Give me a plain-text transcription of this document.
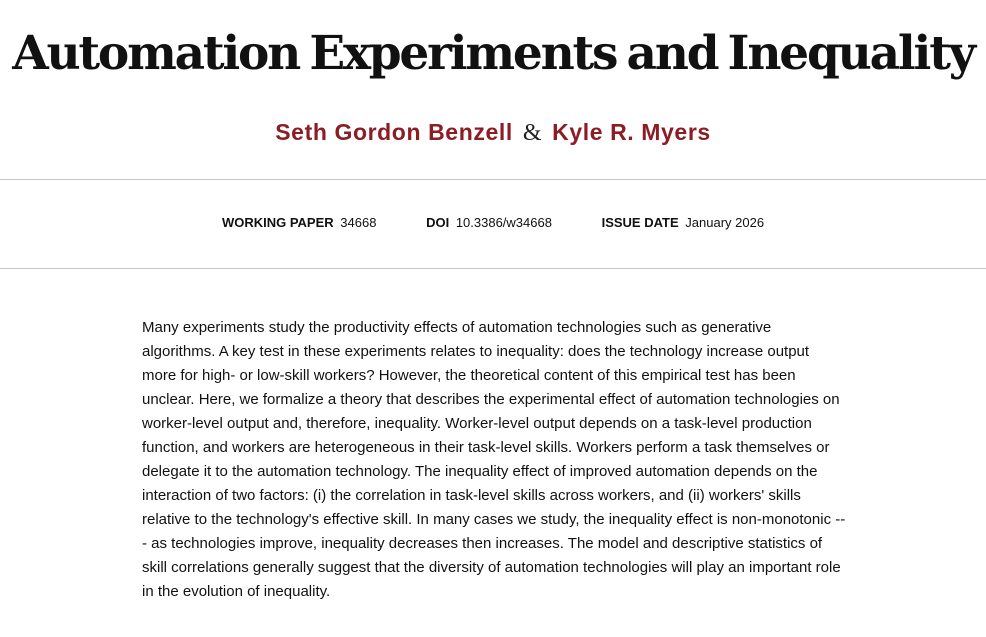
Automation Experiments and Inequality
Seth Gordon Benzell & Kyle R. Myers
WORKING PAPER 34668	DOI 10.3386/w34668	ISSUE DATE January 2026

Many experiments study the productivity effects of automation technologies such as generative algorithms. A key test in these experiments relates to inequality: does the technology increase output more for high- or low-skill workers? However, the theoretical content of this empirical test has been unclear. Here, we formalize a theory that describes the experimental effect of automation technologies on worker-level output and, therefore, inequality. Worker-level output depends on a task-level production function, and workers are heterogeneous in their task-level skills. Workers perform a task themselves or delegate it to the automation technology. The inequality effect of improved automation depends on the interaction of two factors: (i) the correlation in task-level skills across workers, and (ii) workers' skills relative to the technology's effective skill. In many cases we study, the inequality effect is non-monotonic --- as technologies improve, inequality decreases then increases. The model and descriptive statistics of skill correlations generally suggest that the diversity of automation technologies will play an important role in the evolution of inequality.
